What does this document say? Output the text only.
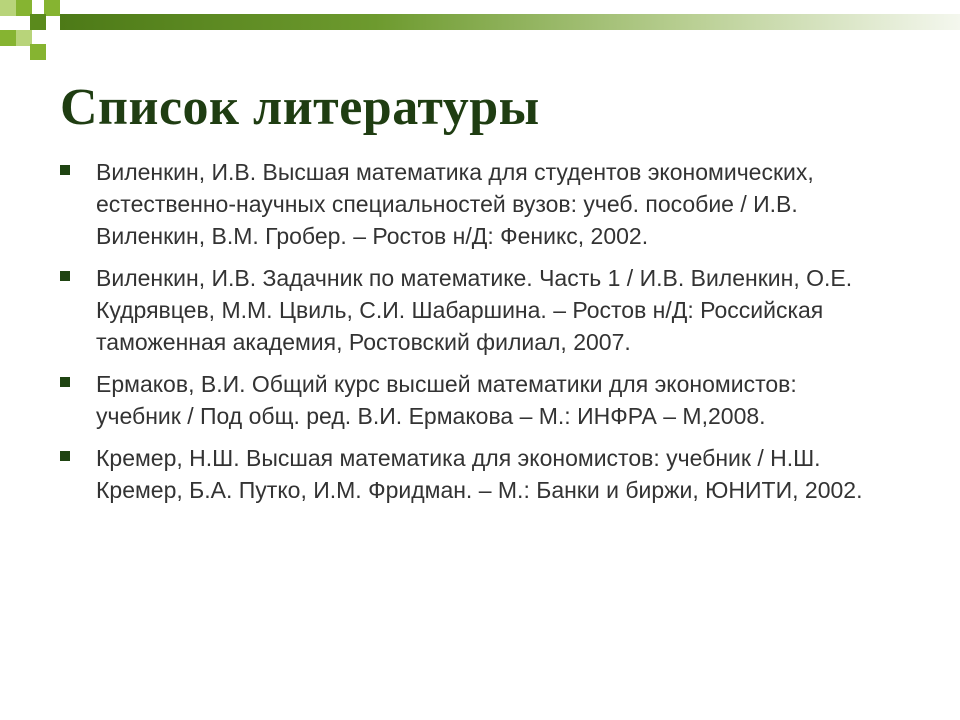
Список литературы
Виленкин, И.В. Высшая математика для студентов экономических, естественно-научных специальностей вузов: учеб. пособие / И.В. Виленкин, В.М. Гробер. – Ростов н/Д: Феникс, 2002.
Виленкин, И.В. Задачник по математике. Часть 1 / И.В. Виленкин, О.Е. Кудрявцев, М.М. Цвиль, С.И. Шабаршина. – Ростов н/Д: Российская таможенная академия, Ростовский филиал, 2007.
Ермаков, В.И. Общий курс высшей математики для экономистов: учебник / Под общ. ред. В.И. Ермакова – М.: ИНФРА – М,2008.
Кремер, Н.Ш. Высшая математика для экономистов: учебник / Н.Ш. Кремер, Б.А. Путко, И.М. Фридман. – М.: Банки и биржи, ЮНИТИ, 2002.
